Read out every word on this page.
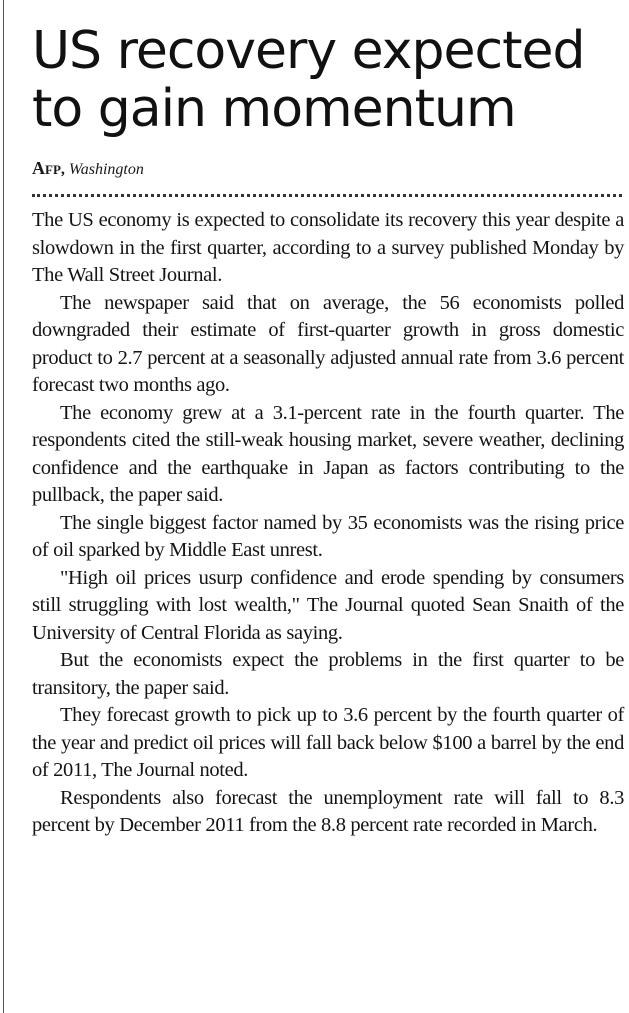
US recovery expected
to gain momentum
Afp, Washington

The US economy is expected to consolidate its recovery this year despite a slowdown in the first quarter, according to a survey published Monday by The Wall Street Journal.

The newspaper said that on average, the 56 economists polled downgraded their estimate of first-quarter growth in gross domestic product to 2.7 percent at a seasonally adjusted annual rate from 3.6 percent forecast two months ago.

The economy grew at a 3.1-percent rate in the fourth quarter. The respondents cited the still-weak housing market, severe weather, declining confidence and the earthquake in Japan as factors contributing to the pullback, the paper said.

The single biggest factor named by 35 economists was the rising price of oil sparked by Middle East unrest.

"High oil prices usurp confidence and erode spending by consumers still struggling with lost wealth," The Journal quoted Sean Snaith of the University of Central Florida as saying.

But the economists expect the problems in the first quarter to be transitory, the paper said.

They forecast growth to pick up to 3.6 percent by the fourth quarter of the year and predict oil prices will fall back below $100 a barrel by the end of 2011, The Journal noted.

Respondents also forecast the unemployment rate will fall to 8.3 percent by December 2011 from the 8.8 percent rate recorded in March.
